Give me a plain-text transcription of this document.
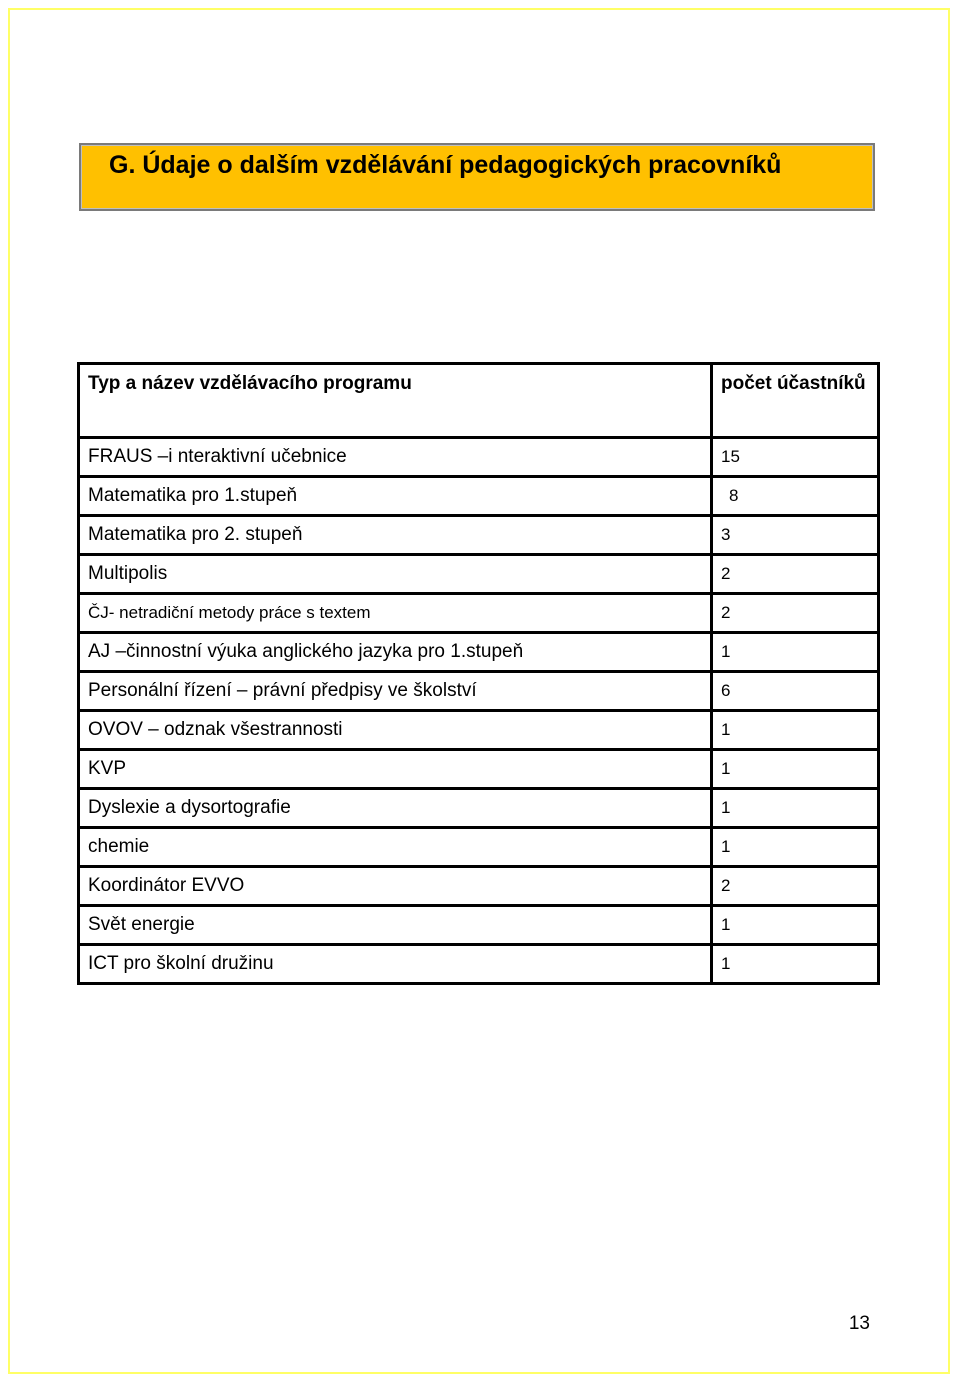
G. Údaje o dalším vzdělávání pedagogických pracovníků
Typ a název vzdělávacího programu	počet účastníků
FRAUS –i nteraktivní učebnice	15
Matematika pro 1.stupeň	8
Matematika pro 2. stupeň	3
Multipolis	2
ČJ- netradiční metody práce s textem	2
AJ –činnostní výuka anglického jazyka pro 1.stupeň	1
Personální řízení – právní předpisy ve školství	6
OVOV – odznak všestrannosti	1
KVP	1
Dyslexie a dysortografie	1
chemie	1
Koordinátor EVVO	2
Svět energie	1
ICT pro školní družinu	1
13
